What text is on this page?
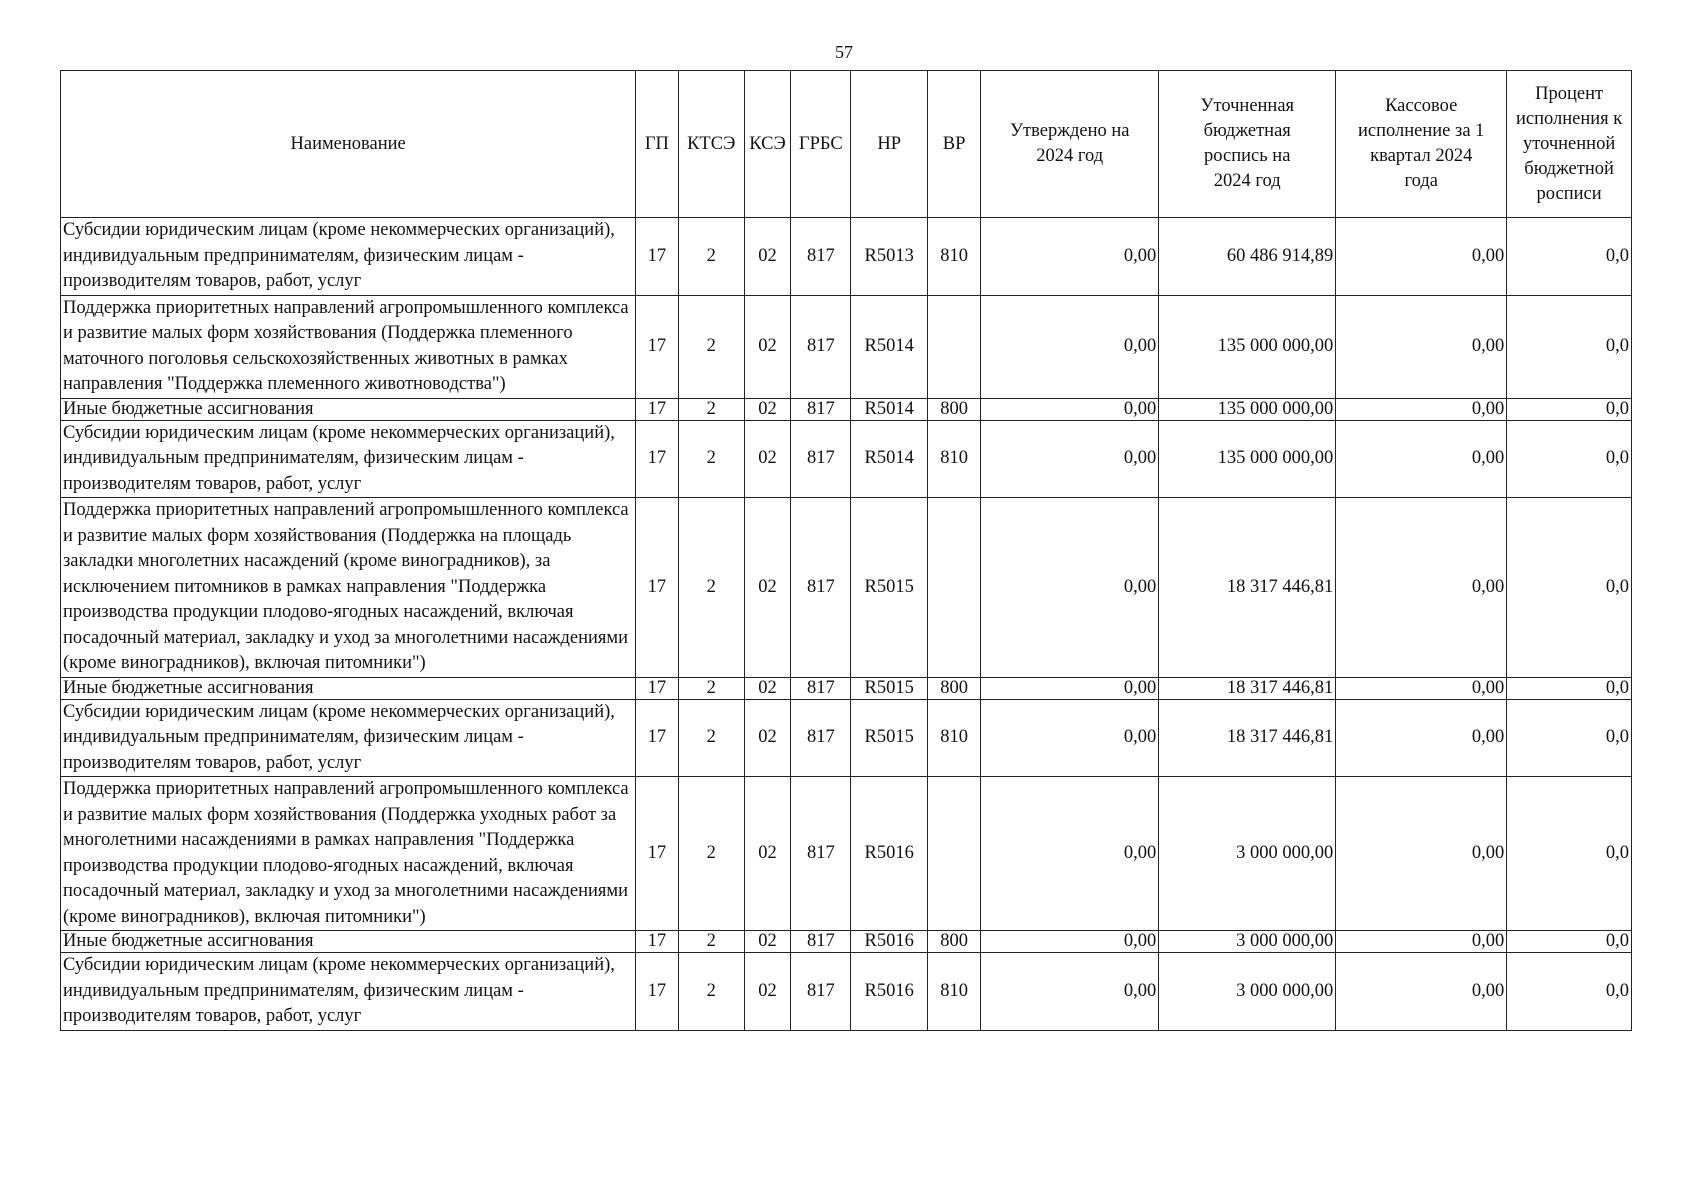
57
Наименование	ГП	КТСЭ	КСЭ	ГРБС	НР	ВР	Утверждено на 2024 год	Уточненная бюджетная роспись на 2024 год	Кассовое исполнение за 1 квартал 2024 года	Процент исполнения к уточненной бюджетной росписи
Субсидии юридическим лицам (кроме некоммерческих организаций), индивидуальным предпринимателям, физическим лицам - производителям товаров, работ, услуг	17	2	02	817	R5013	810	0,00	60 486 914,89	0,00	0,0
Поддержка приоритетных направлений агропромышленного комплекса и развитие малых форм хозяйствования (Поддержка племенного маточного поголовья сельскохозяйственных животных в рамках направления "Поддержка племенного животноводства")	17	2	02	817	R5014		0,00	135 000 000,00	0,00	0,0
Иные бюджетные ассигнования	17	2	02	817	R5014	800	0,00	135 000 000,00	0,00	0,0
Субсидии юридическим лицам (кроме некоммерческих организаций), индивидуальным предпринимателям, физическим лицам - производителям товаров, работ, услуг	17	2	02	817	R5014	810	0,00	135 000 000,00	0,00	0,0
Поддержка приоритетных направлений агропромышленного комплекса и развитие малых форм хозяйствования (Поддержка на площадь закладки многолетних насаждений (кроме виноградников), за исключением питомников в рамках направления "Поддержка производства продукции плодово-ягодных насаждений, включая посадочный материал, закладку и уход за многолетними насаждениями (кроме виноградников), включая питомники")	17	2	02	817	R5015		0,00	18 317 446,81	0,00	0,0
Иные бюджетные ассигнования	17	2	02	817	R5015	800	0,00	18 317 446,81	0,00	0,0
Субсидии юридическим лицам (кроме некоммерческих организаций), индивидуальным предпринимателям, физическим лицам - производителям товаров, работ, услуг	17	2	02	817	R5015	810	0,00	18 317 446,81	0,00	0,0
Поддержка приоритетных направлений агропромышленного комплекса и развитие малых форм хозяйствования (Поддержка уходных работ за многолетними насаждениями в рамках направления "Поддержка производства продукции плодово-ягодных насаждений, включая посадочный материал, закладку и уход за многолетними насаждениями (кроме виноградников), включая питомники")	17	2	02	817	R5016		0,00	3 000 000,00	0,00	0,0
Иные бюджетные ассигнования	17	2	02	817	R5016	800	0,00	3 000 000,00	0,00	0,0
Субсидии юридическим лицам (кроме некоммерческих организаций), индивидуальным предпринимателям, физическим лицам - производителям товаров, работ, услуг	17	2	02	817	R5016	810	0,00	3 000 000,00	0,00	0,0
